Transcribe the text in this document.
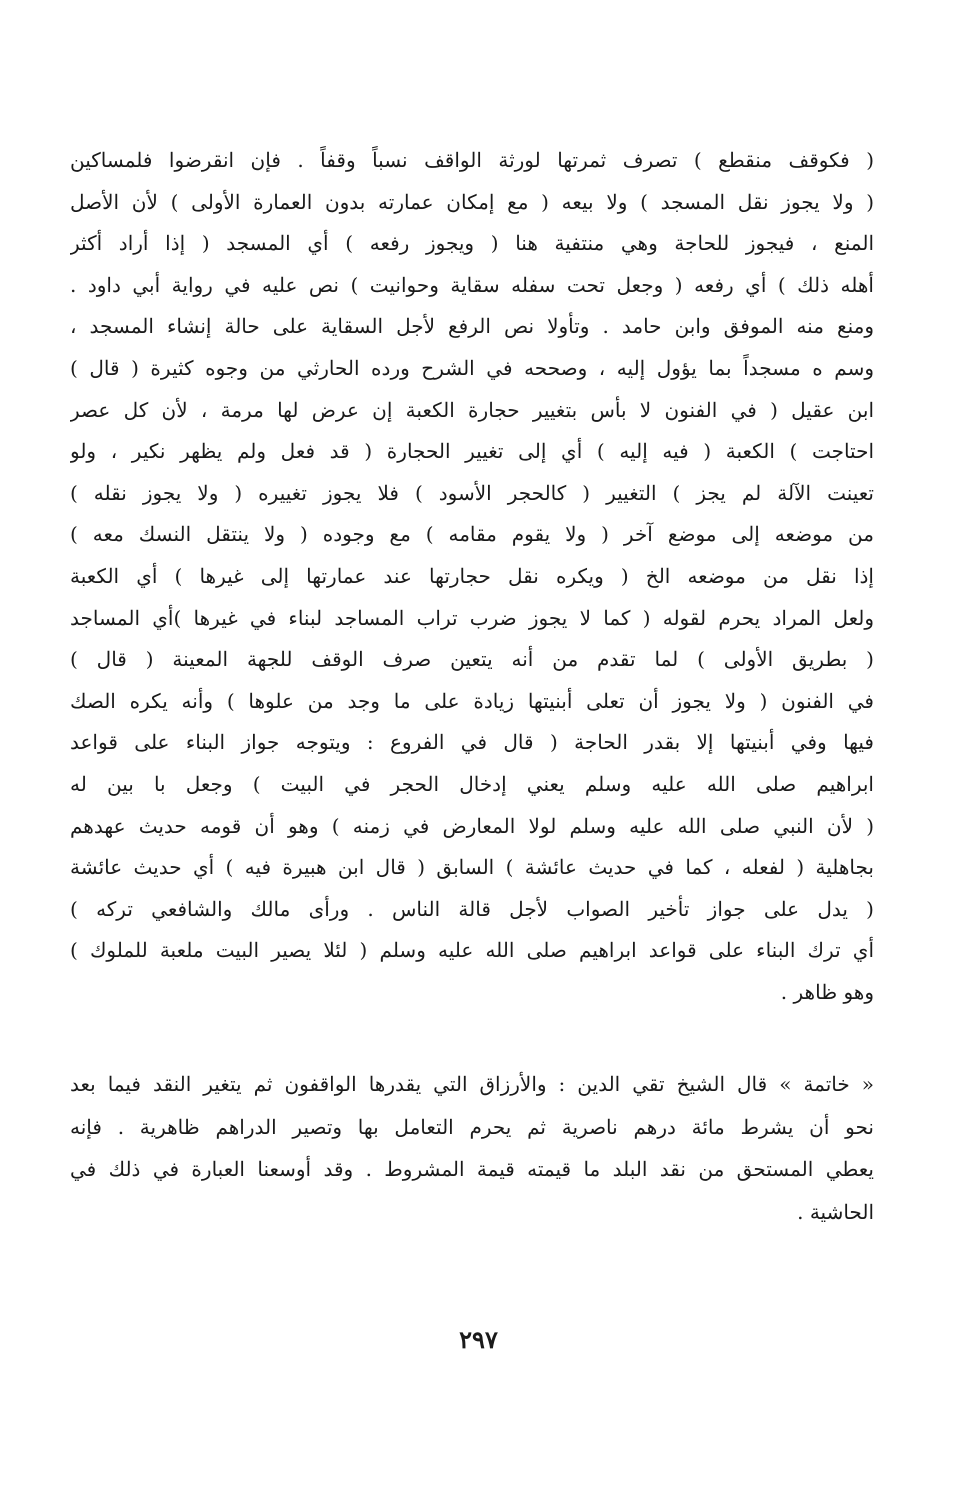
( فكوقف منقطع ) تصرف ثمرتها لورثة الواقف نسباً وقفاً . فإن انقرضوا فلمساكين
( ولا يجوز نقل المسجد ) ولا بيعه ( مع إمكان عمارته بدون العمارة الأولى ) لأن الأصل
المنع ، فيجوز للحاجة وهي منتفية هنا ( ويجوز رفعه ) أي المسجد ( إذا أراد أكثر
أهله ذلك ) أي رفعه ( وجعل تحت سفله سقاية وحوانيت ) نص عليه في رواية أبي داود .
ومنع منه الموفق وابن حامد . وتأولا نص الرفع لأجل السقاية على حالة إنشاء المسجد ،
وسم ه مسجداً بما يؤول إليه ، وصححه في الشرح ورده الحارثي من وجوه كثيرة ( قال )
ابن عقيل ( في الفنون لا بأس بتغيير حجارة الكعبة إن عرض لها مرمة ، لأن كل عصر
احتاجت ) الكعبة ( فيه إليه ) أي إلى تغيير الحجارة ( قد فعل ولم يظهر نكير ، ولو
تعينت الآلة لم يجز ) التغيير ( كالحجر الأسود ) فلا يجوز تغييره ( ولا يجوز نقله )
من موضعه إلى موضع آخر ( ولا يقوم مقامه ) مع وجوده ( ولا ينتقل النسك معه )
إذا نقل من موضعه الخ ( ويكره نقل حجارتها عند عمارتها إلى غيرها ) أي الكعبة
ولعل المراد يحرم لقوله ( كما لا يجوز ضرب تراب المساجد لبناء في غيرها )أي المساجد
( بطريق الأولى ) لما تقدم من أنه يتعين صرف الوقف للجهة المعينة ( قال )
في الفنون ( ولا يجوز أن تعلى أبنيتها زيادة على ما وجد من علوها ) وأنه يكره الصك
فيها وفي أبنيتها إلا بقدر الحاجة ( قال في الفروع : ويتوجه جواز البناء على قواعد
ابراهيم صلى الله عليه وسلم يعني إدخال الحجر في البيت ) وجعل با بين له
( لأن النبي صلى الله عليه وسلم لولا المعارض في زمنه ) وهو أن قومه حديث عهدهم
بجاهلية ( لفعله ، كما في حديث عائشة ) السابق ( قال ابن هبيرة فيه ) أي حديث عائشة
( يدل على جواز تأخير الصواب لأجل قالة الناس . ورأى مالك والشافعي تركه )
أي ترك البناء على قواعد ابراهيم صلى الله عليه وسلم ( لئلا يصير البيت ملعبة للملوك )
وهو ظاهر .
« خاتمة » قال الشيخ تقي الدين : والأرزاق التي يقدرها الواقفون ثم يتغير النقد فيما بعد
نحو أن يشرط مائة درهم ناصرية ثم يحرم التعامل بها وتصير الدراهم ظاهرية . فإنه
يعطي المستحق من نقد البلد ما قيمته قيمة المشروط . وقد أوسعنا العبارة في ذلك في
الحاشية .
٢٩٧
